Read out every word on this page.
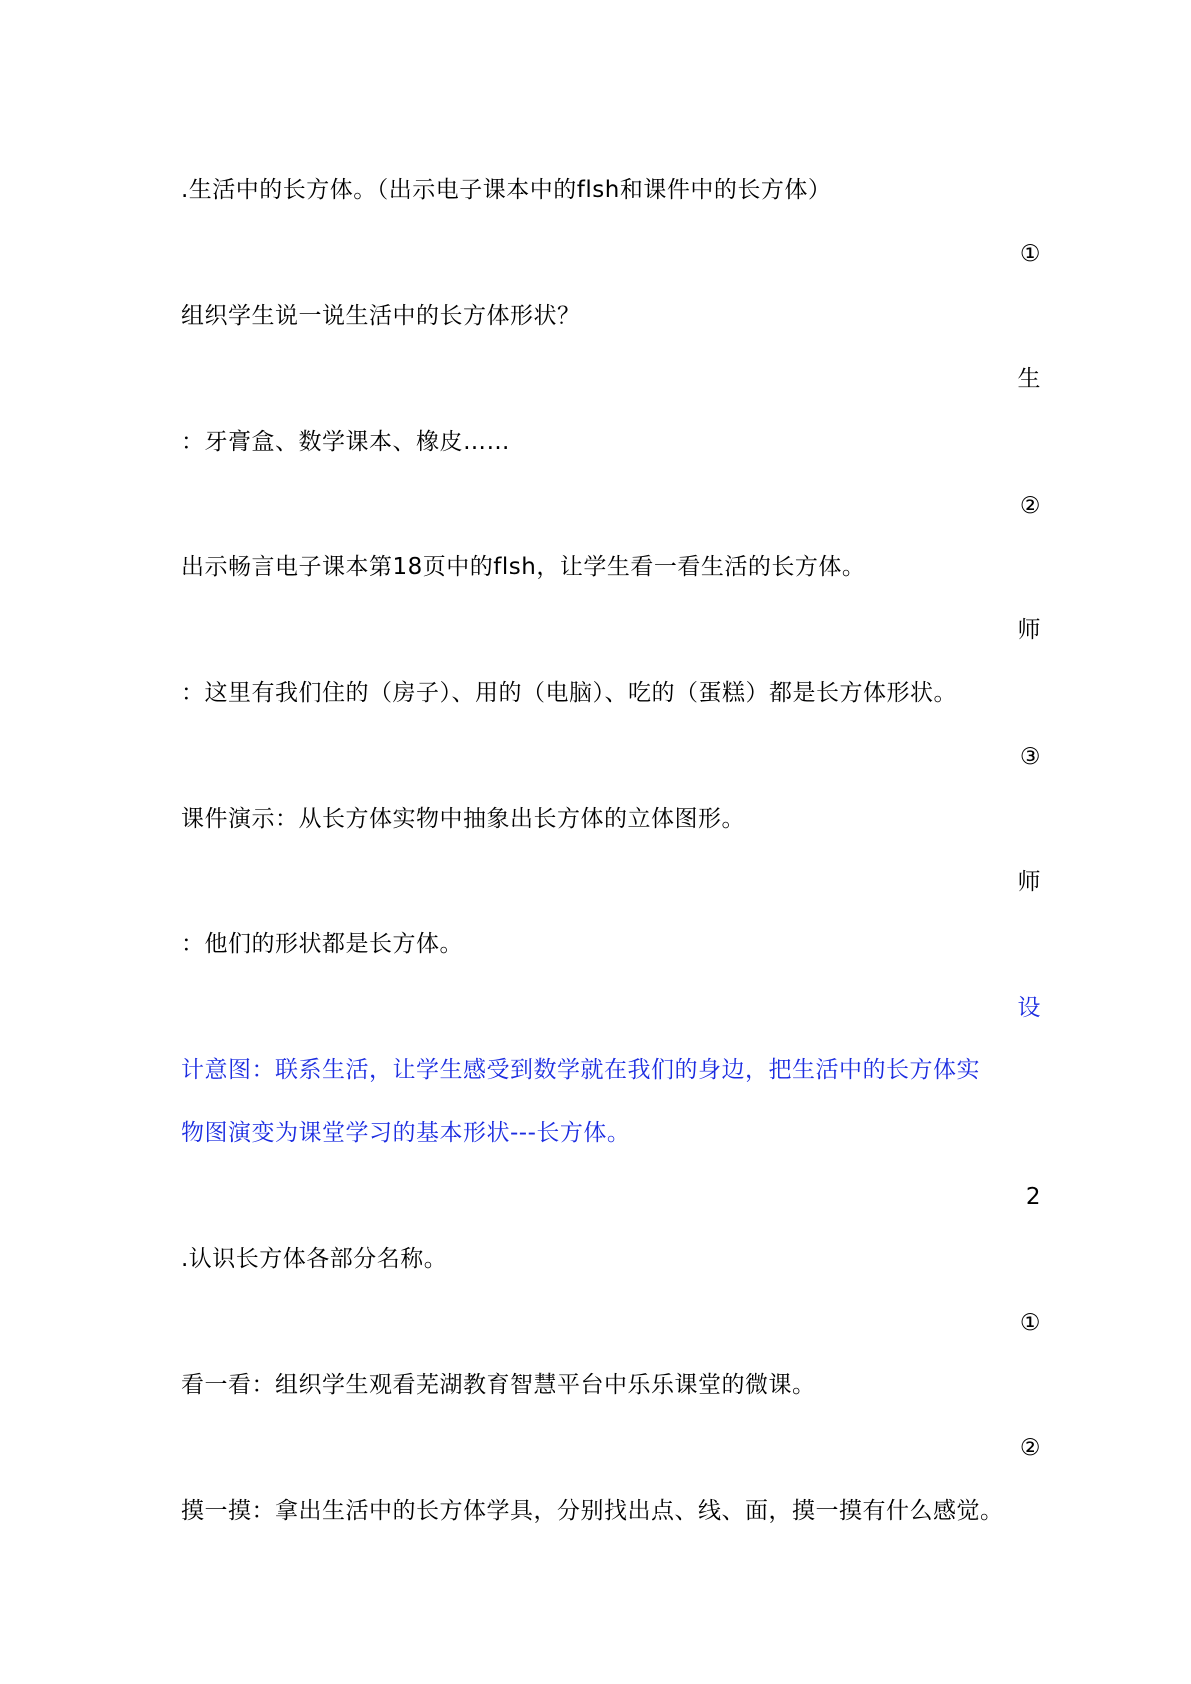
.生活中的长方体。（出示电子课本中的flsh和课件中的长方体）
①
组织学生说一说生活中的长方体形状？
生
：牙膏盒、数学课本、橡皮……
②
出示畅言电子课本第18页中的flsh，让学生看一看生活的长方体。
师
：这里有我们住的（房子）、用的（电脑）、吃的（蛋糕）都是长方体形状。
③
课件演示：从长方体实物中抽象出长方体的立体图形。
师
：他们的形状都是长方体。
设
计意图：联系生活，让学生感受到数学就在我们的身边，把生活中的长方体实
物图演变为课堂学习的基本形状---长方体。
2
.认识长方体各部分名称。
①
看一看：组织学生观看芜湖教育智慧平台中乐乐课堂的微课。
②
摸一摸：拿出生活中的长方体学具，分别找出点、线、面，摸一摸有什么感觉。
